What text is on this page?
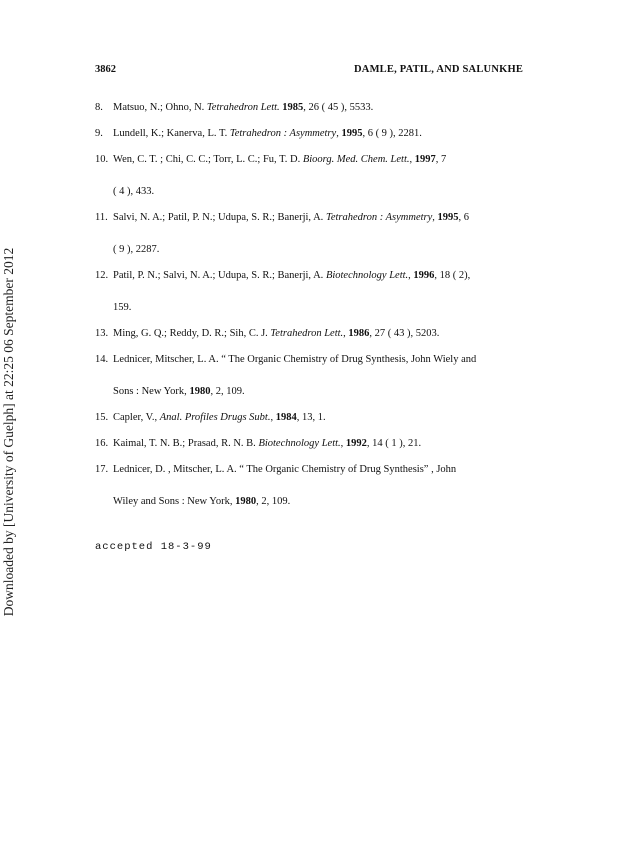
Downloaded by [University of Guelph] at 22:25 06 September 2012
3862	DAMLE, PATIL, AND SALUNKHE
8. Matsuo, N.; Ohno, N. Tetrahedron Lett. 1985, 26 ( 45 ), 5533.
9. Lundell, K.; Kanerva, L. T. Tetrahedron : Asymmetry, 1995, 6 ( 9 ), 2281.
10. Wen, C. T. ; Chi, C. C.; Torr, L. C.; Fu, T. D. Bioorg. Med. Chem. Lett., 1997, 7
( 4 ), 433.
11. Salvi, N. A.; Patil, P. N.; Udupa, S. R.; Banerji, A. Tetrahedron : Asymmetry, 1995, 6
( 9 ), 2287.
12. Patil, P. N.; Salvi, N. A.; Udupa, S. R.; Banerji, A. Biotechnology Lett., 1996, 18 ( 2),
159.
13. Ming, G. Q.; Reddy, D. R.; Sih, C. J. Tetrahedron Lett., 1986, 27 ( 43 ), 5203.
14. Lednicer, Mitscher, L. A. “ The Organic Chemistry of Drug Synthesis, John Wiely and
Sons : New York, 1980, 2, 109.
15. Capler, V., Anal. Profiles Drugs Subt., 1984, 13, 1.
16. Kaimal, T. N. B.; Prasad, R. N. B. Biotechnology Lett., 1992, 14 ( 1 ), 21.
17. Lednicer, D. , Mitscher, L. A. “ The Organic Chemistry of Drug Synthesis” , John
Wiley and Sons : New York, 1980, 2, 109.
accepted 18-3-99
